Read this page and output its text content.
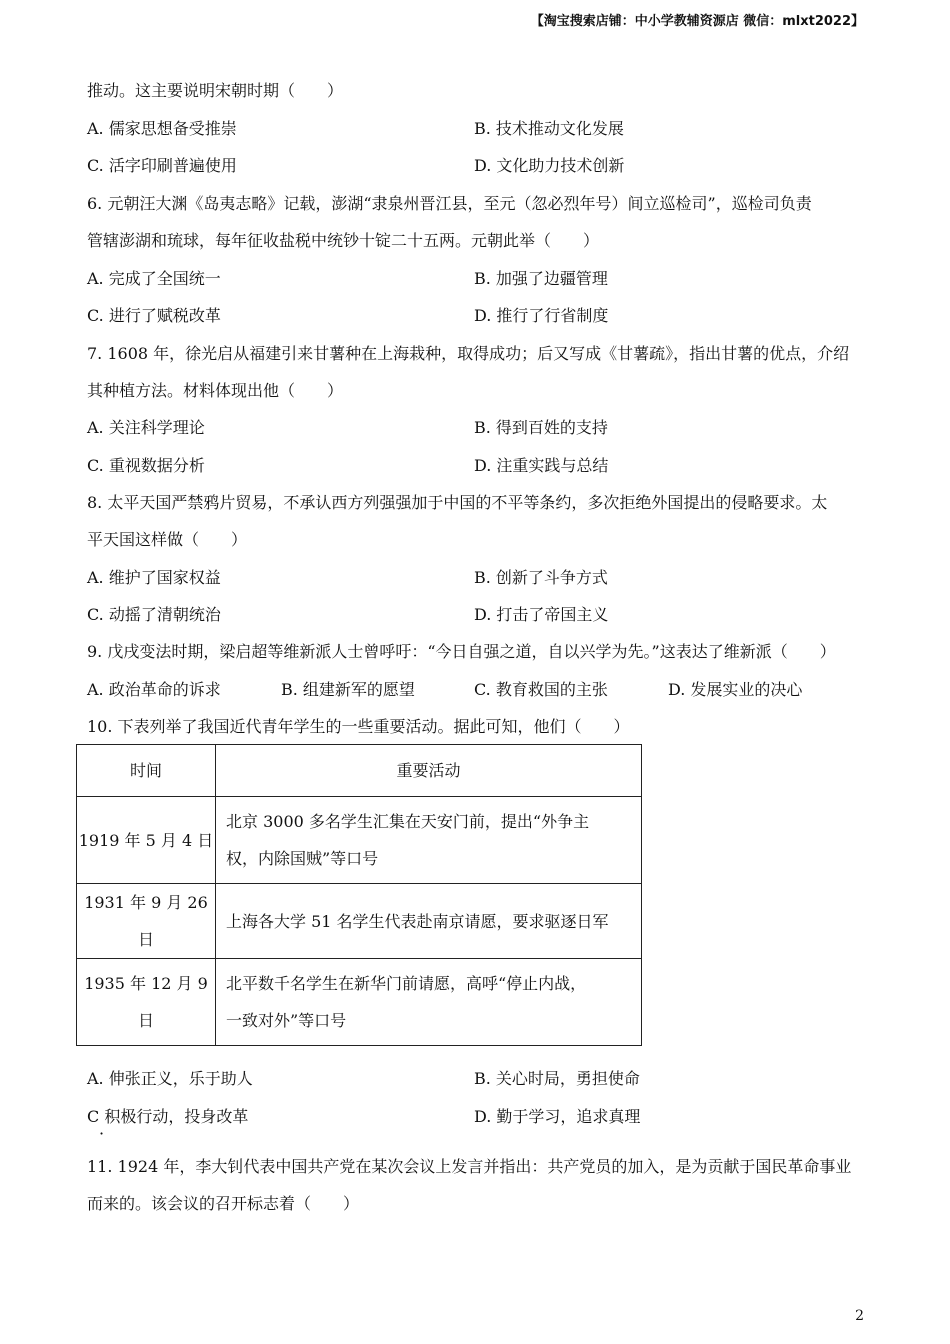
【淘宝搜索店铺：中小学教辅资源店 微信：mlxt2022】
推动。这主要说明宋朝时期（　　）
A. 儒家思想备受推崇	B. 技术推动文化发展
C. 活字印刷普遍使用	D. 文化助力技术创新
6. 元朝汪大渊《岛夷志略》记载，澎湖“隶泉州晋江县，至元（忽必烈年号）间立巡检司”，巡检司负责
管辖澎湖和琉球，每年征收盐税中统钞十锭二十五两。元朝此举（　　）
A. 完成了全国统一	B. 加强了边疆管理
C. 进行了赋税改革	D. 推行了行省制度
7. 1608 年，徐光启从福建引来甘薯种在上海栽种，取得成功；后又写成《甘薯疏》，指出甘薯的优点，介绍
其种植方法。材料体现出他（　　）
A. 关注科学理论	B. 得到百姓的支持
C. 重视数据分析	D. 注重实践与总结
8. 太平天国严禁鸦片贸易，不承认西方列强强加于中国的不平等条约，多次拒绝外国提出的侵略要求。太
平天国这样做（　　）
A. 维护了国家权益	B. 创新了斗争方式
C. 动摇了清朝统治	D. 打击了帝国主义
9. 戊戌变法时期，梁启超等维新派人士曾呼吁：“今日自强之道，自以兴学为先。”这表达了维新派（　　）
A. 政治革命的诉求	B. 组建新军的愿望	C. 教育救国的主张	D. 发展实业的决心
10. 下表列举了我国近代青年学生的一些重要活动。据此可知，他们（　　）
时间	重要活动
1919 年 5 月 4 日	北京 3000 多名学生汇集在天安门前，提出“外争主
权，内除国贼”等口号

1931 年 9 月 26 日	上海各大学 51 名学生代表赴南京请愿，要求驱逐日军

1935 年 12 月 9 日	北平数千名学生在新华门前请愿，高呼“停止内战，
一致对外”等口号
A. 伸张正义，乐于助人	B. 关心时局，勇担使命
C 积极行动，投身改革	D. 勤于学习，追求真理
·
11. 1924 年，李大钊代表中国共产党在某次会议上发言并指出：共产党员的加入，是为贡献于国民革命事业
而来的。该会议的召开标志着（　　）
2
